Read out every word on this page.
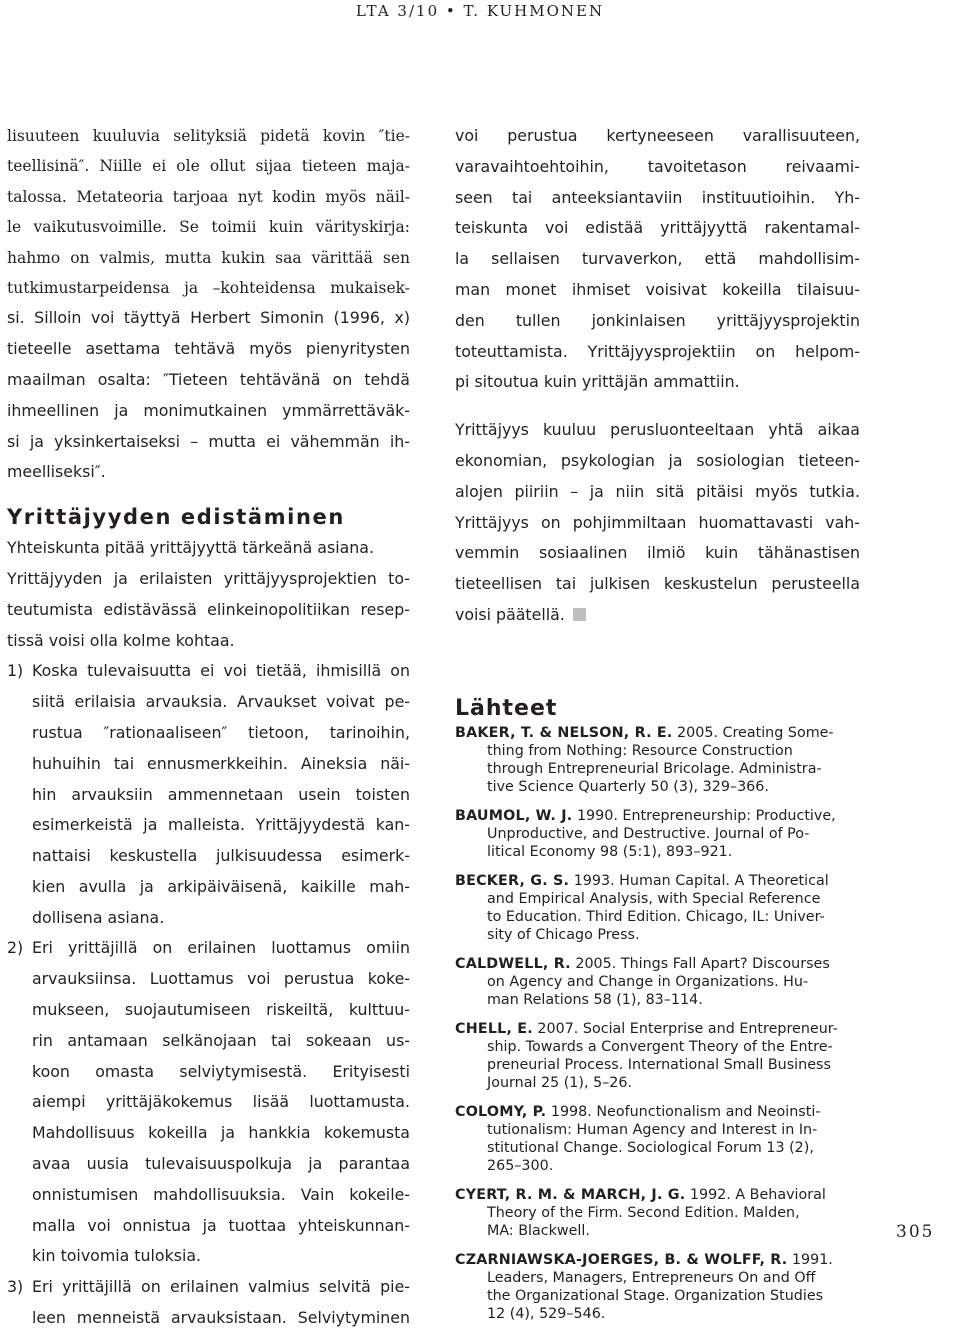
LTA 3/10 • T. KUHMONEN
lisuuteen kuuluvia selityksiä pidetä kovin ″tie-
teellisinä″. Niille ei ole ollut sijaa tieteen maja-
talossa. Metateoria tarjoaa nyt kodin myös näil-
le vaikutusvoimille. Se toimii kuin värityskirja:
hahmo on valmis, mutta kukin saa värittää sen
tutkimustarpeidensa ja –kohteidensa mukaisek-
si. Silloin voi täyttyä Herbert Simonin (1996, x)
tieteelle asettama tehtävä myös pienyritysten
maailman osalta: ″Tieteen tehtävänä on tehdä
ihmeellinen ja monimutkainen ymmärrettäväk-
si ja yksinkertaiseksi – mutta ei vähemmän ih-
meelliseksi″.
Yrittäjyyden edistäminen
Yhteiskunta pitää yrittäjyyttä tärkeänä asiana.
Yrittäjyyden ja erilaisten yrittäjyysprojektien to-
teutumista edistävässä elinkeinopolitiikan resep-
tissä voisi olla kolme kohtaa.
1) Koska tulevaisuutta ei voi tietää, ihmisillä on
siitä erilaisia arvauksia. Arvaukset voivat pe-
rustua ″rationaaliseen″ tietoon, tarinoihin,
huhuihin tai ennusmerkkeihin. Aineksia näi-
hin arvauksiin ammennetaan usein toisten
esimerkeistä ja malleista. Yrittäjyydestä kan-
nattaisi keskustella julkisuudessa esimerk-
kien avulla ja arkipäiväisenä, kaikille mah-
dollisena asiana.
2) Eri yrittäjillä on erilainen luottamus omiin
arvauksiinsa. Luottamus voi perustua koke-
mukseen, suojautumiseen riskeiltä, kulttuu-
rin antamaan selkänojaan tai sokeaan us-
koon omasta selviytymisestä. Erityisesti
aiempi yrittäjäkokemus lisää luottamusta.
Mahdollisuus kokeilla ja hankkia kokemusta
avaa uusia tulevaisuuspolkuja ja parantaa
onnistumisen mahdollisuuksia. Vain kokeile-
malla voi onnistua ja tuottaa yhteiskunnan-
kin toivomia tuloksia.
3) Eri yrittäjillä on erilainen valmius selvitä pie-
leen menneistä arvauksistaan. Selviytyminen
voi perustua kertyneeseen varallisuuteen,
varavaihtoehtoihin, tavoitetason reivaami-
seen tai anteeksiantaviin instituutioihin. Yh-
teiskunta voi edistää yrittäjyyttä rakentamal-
la sellaisen turvaverkon, että mahdollisim-
man monet ihmiset voisivat kokeilla tilaisuu-
den tullen jonkinlaisen yrittäjyysprojektin
toteuttamista. Yrittäjyysprojektiin on helpom-
pi sitoutua kuin yrittäjän ammattiin.
Yrittäjyys kuuluu perusluonteeltaan yhtä aikaa
ekonomian, psykologian ja sosiologian tieteen-
alojen piiriin – ja niin sitä pitäisi myös tutkia.
Yrittäjyys on pohjimmiltaan huomattavasti vah-
vemmin sosiaalinen ilmiö kuin tähänastisen
tieteellisen tai julkisen keskustelun perusteella
voisi päätellä.
Lähteet
BAKER, T. & NELSON, R. E. 2005. Creating Some-
thing from Nothing: Resource Construction
through Entrepreneurial Bricolage. Administra-
tive Science Quarterly 50 (3), 329–366.
BAUMOL, W. J. 1990. Entrepreneurship: Productive,
Unproductive, and Destructive. Journal of Po-
litical Economy 98 (5:1), 893–921.
BECKER, G. S. 1993. Human Capital. A Theoretical
and Empirical Analysis, with Special Reference
to Education. Third Edition. Chicago, IL: Univer-
sity of Chicago Press.
CALDWELL, R. 2005. Things Fall Apart? Discourses
on Agency and Change in Organizations. Hu-
man Relations 58 (1), 83–114.
CHELL, E. 2007. Social Enterprise and Entrepreneur-
ship. Towards a Convergent Theory of the Entre-
preneurial Process. International Small Business
Journal 25 (1), 5–26.
COLOMY, P. 1998. Neofunctionalism and Neoinsti-
tutionalism: Human Agency and Interest in In-
stitutional Change. Sociological Forum 13 (2),
265–300.
CYERT, R. M. & MARCH, J. G. 1992. A Behavioral
Theory of the Firm. Second Edition. Malden,
MA: Blackwell.
CZARNIAWSKA-JOERGES, B. & WOLFF, R. 1991.
Leaders, Managers, Entrepreneurs On and Off
the Organizational Stage. Organization Studies
12 (4), 529–546.
305
